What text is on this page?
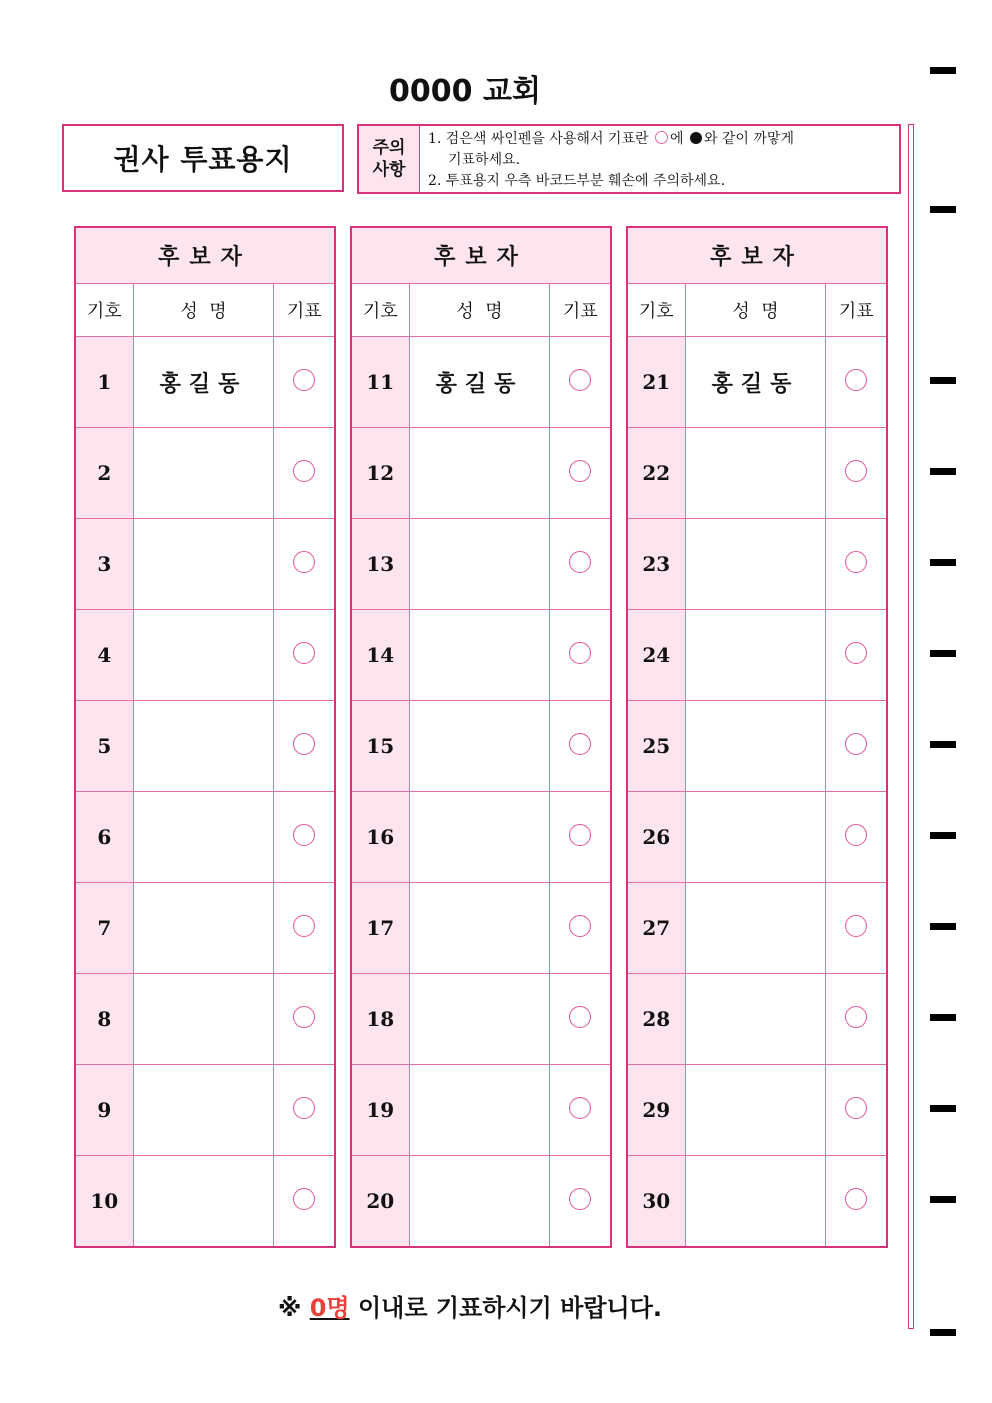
0000 교회
권사 투표용지	주의
사항
1. 검은색 싸인펜을 사용해서 기표란 에 와 같이 까맣게
기표하세요.
2. 투표용지 우측 바코드부분 훼손에 주의하세요.
후보자		
기호	성  명	기표
1	홍길동	
2		
3		
4		
5		
6		
7		
8		
9		
10		
후보자		
기호	성  명	기표
11	홍길동	
12		
13		
14		
15		
16		
17		
18		
19		
20		
후보자		
기호	성  명	기표
21	홍길동	
22		
23		
24		
25		
26		
27		
28		
29		
30		
※ 0명 이내로 기표하시기 바랍니다.
